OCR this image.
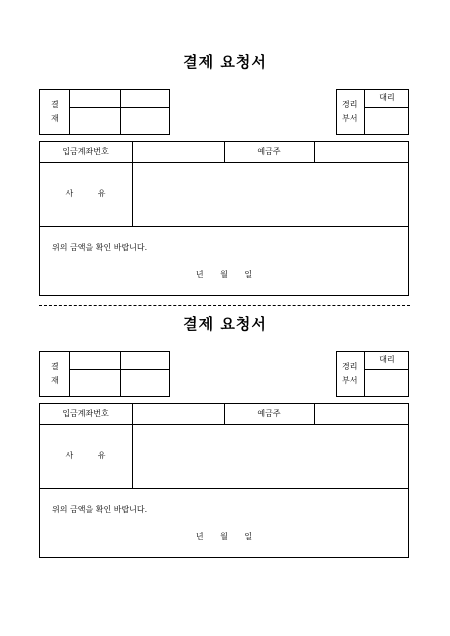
결제 요청서
결
재
경리
부서
대리
입금계좌번호	예금주
사 유
위의 금액을 확인 바랍니다.
년 월 일
결제 요청서
결
재
경리
부서
대리
입금계좌번호	예금주
사 유
위의 금액을 확인 바랍니다.
년 월 일
